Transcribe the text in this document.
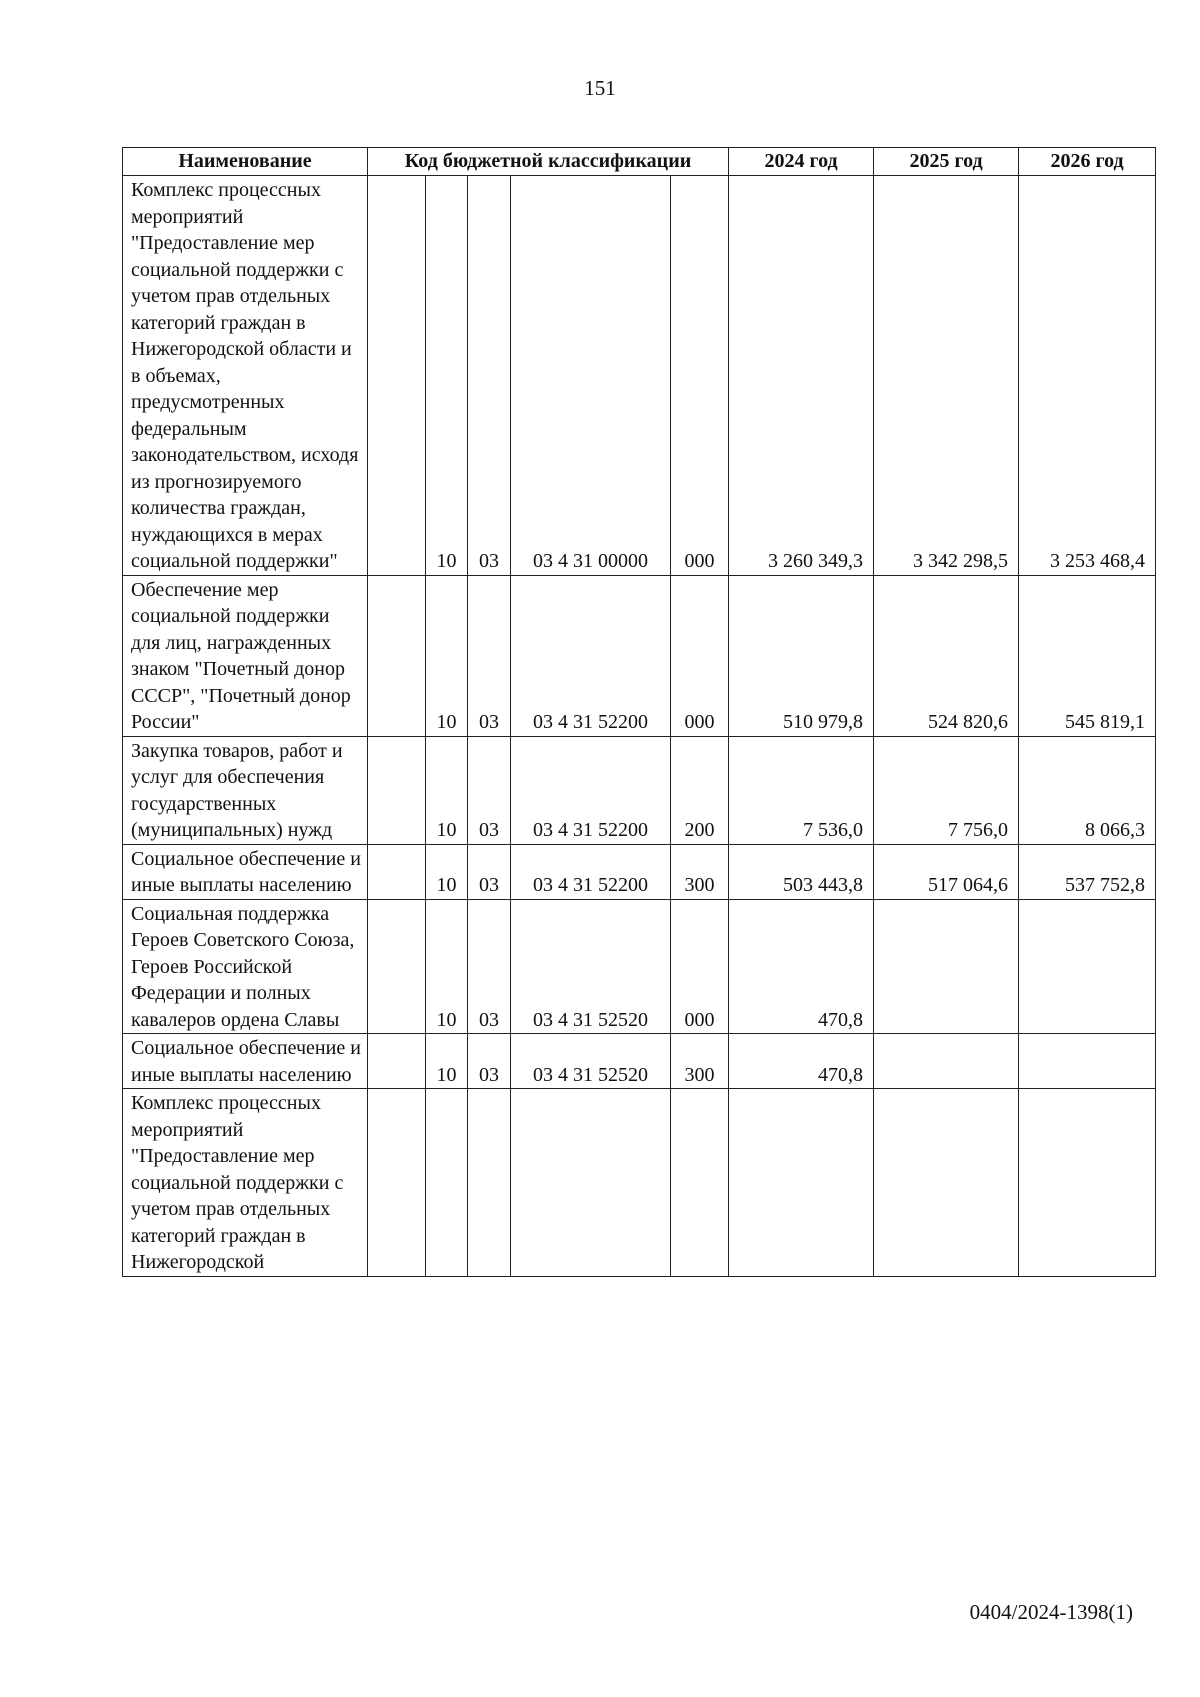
151
Наименование	Код бюджетной классификации					2024 год	2025 год	2026 год
Комплекс процессных мероприятий "Предоставление мер социальной поддержки с учетом прав отдельных категорий граждан в Нижегородской области и в объемах, предусмотренных федеральным законодательством, исходя из прогнозируемого количества граждан, нуждающихся в мерах социальной поддержки"		10	03	03 4 31 00000	000	3 260 349,3	3 342 298,5	3 253 468,4
Обеспечение мер социальной поддержки для лиц, награжденных знаком "Почетный донор СССР", "Почетный донор России"		10	03	03 4 31 52200	000	510 979,8	524 820,6	545 819,1
Закупка товаров, работ и услуг для обеспечения государственных (муниципальных) нужд		10	03	03 4 31 52200	200	7 536,0	7 756,0	8 066,3
Социальное обеспечение и иные выплаты населению		10	03	03 4 31 52200	300	503 443,8	517 064,6	537 752,8
Социальная поддержка Героев Советского Союза, Героев Российской Федерации и полных кавалеров ордена Славы		10	03	03 4 31 52520	000	470,8		
Социальное обеспечение и иные выплаты населению		10	03	03 4 31 52520	300	470,8		
Комплекс процессных мероприятий "Предоставление мер социальной поддержки с учетом прав отдельных категорий граждан в Нижегородской								
0404/2024-1398(1)
